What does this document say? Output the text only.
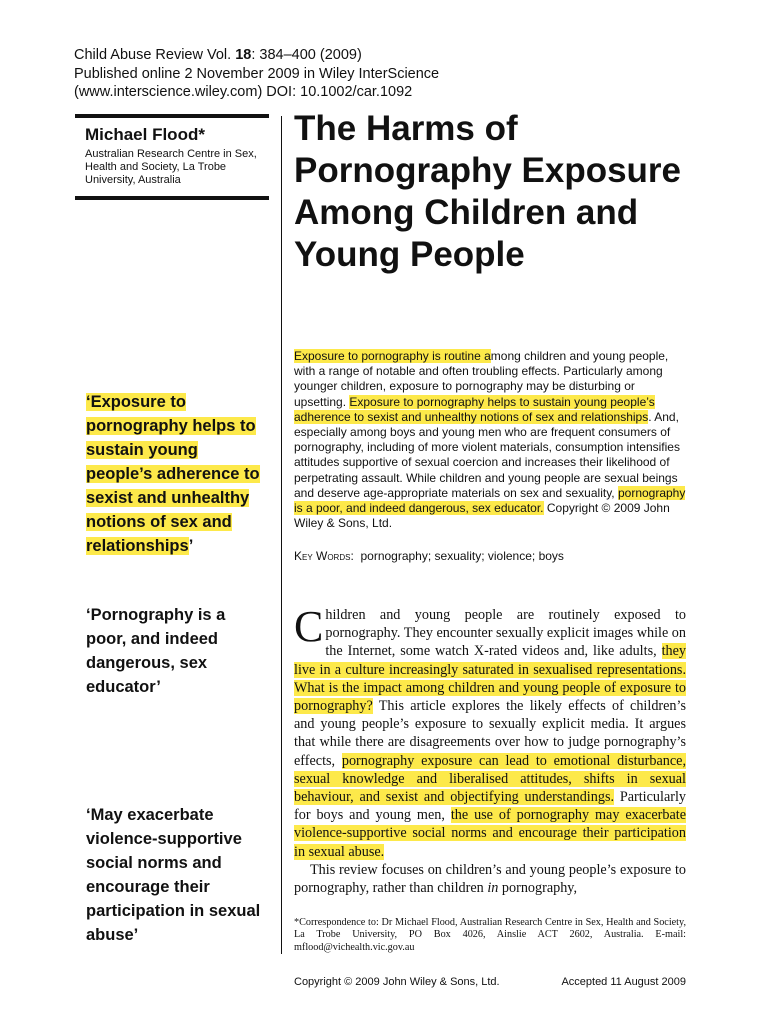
Child Abuse Review Vol. 18: 384–400 (2009)
Published online 2 November 2009 in Wiley InterScience
(www.interscience.wiley.com) DOI: 10.1002/car.1092
Michael Flood*
Australian Research Centre in Sex, Health and Society, La Trobe University, Australia
The Harms of Pornography Exposure Among Children and Young People

‘Exposure to pornography helps to sustain young people’s adherence to sexist and unhealthy notions of sex and relationships’

‘Pornography is a poor, and indeed dangerous, sex educator’

‘May exacerbate violence-supportive social norms and encourage their participation in sexual abuse’

Exposure to pornography is routine among children and young people, with a range of notable and often troubling effects. Particularly among younger children, exposure to pornography may be disturbing or upsetting. Exposure to pornography helps to sustain young people’s adherence to sexist and unhealthy notions of sex and relationships. And, especially among boys and young men who are frequent consumers of pornography, including of more violent materials, consumption intensifies attitudes supportive of sexual coercion and increases their likelihood of perpetrating assault. While children and young people are sexual beings and deserve age-appropriate materials on sex and sexuality, pornography is a poor, and indeed dangerous, sex educator. Copyright © 2009 John Wiley & Sons, Ltd.

Key Words: pornography; sexuality; violence; boys

Children and young people are routinely exposed to pornography. They encounter sexually explicit images while on the Internet, some watch X-rated videos and, like adults, they live in a culture increasingly saturated in sexualised representations. What is the impact among children and young people of exposure to pornography? This article explores the likely effects of children’s and young people’s exposure to sexually explicit media. It argues that while there are disagreements over how to judge pornography’s effects, pornography exposure can lead to emotional disturbance, sexual knowledge and liberalised attitudes, shifts in sexual behaviour, and sexist and objectifying understandings. Particularly for boys and young men, the use of pornography may exacerbate violence-supportive social norms and encourage their participation in sexual abuse.

This review focuses on children’s and young people’s exposure to pornography, rather than children in pornography,

*Correspondence to: Dr Michael Flood, Australian Research Centre in Sex, Health and Society, La Trobe University, PO Box 4026, Ainslie ACT 2602, Australia. E-mail: mflood@vichealth.vic.gov.au

Copyright © 2009 John Wiley & Sons, Ltd.	Accepted 11 August 2009
